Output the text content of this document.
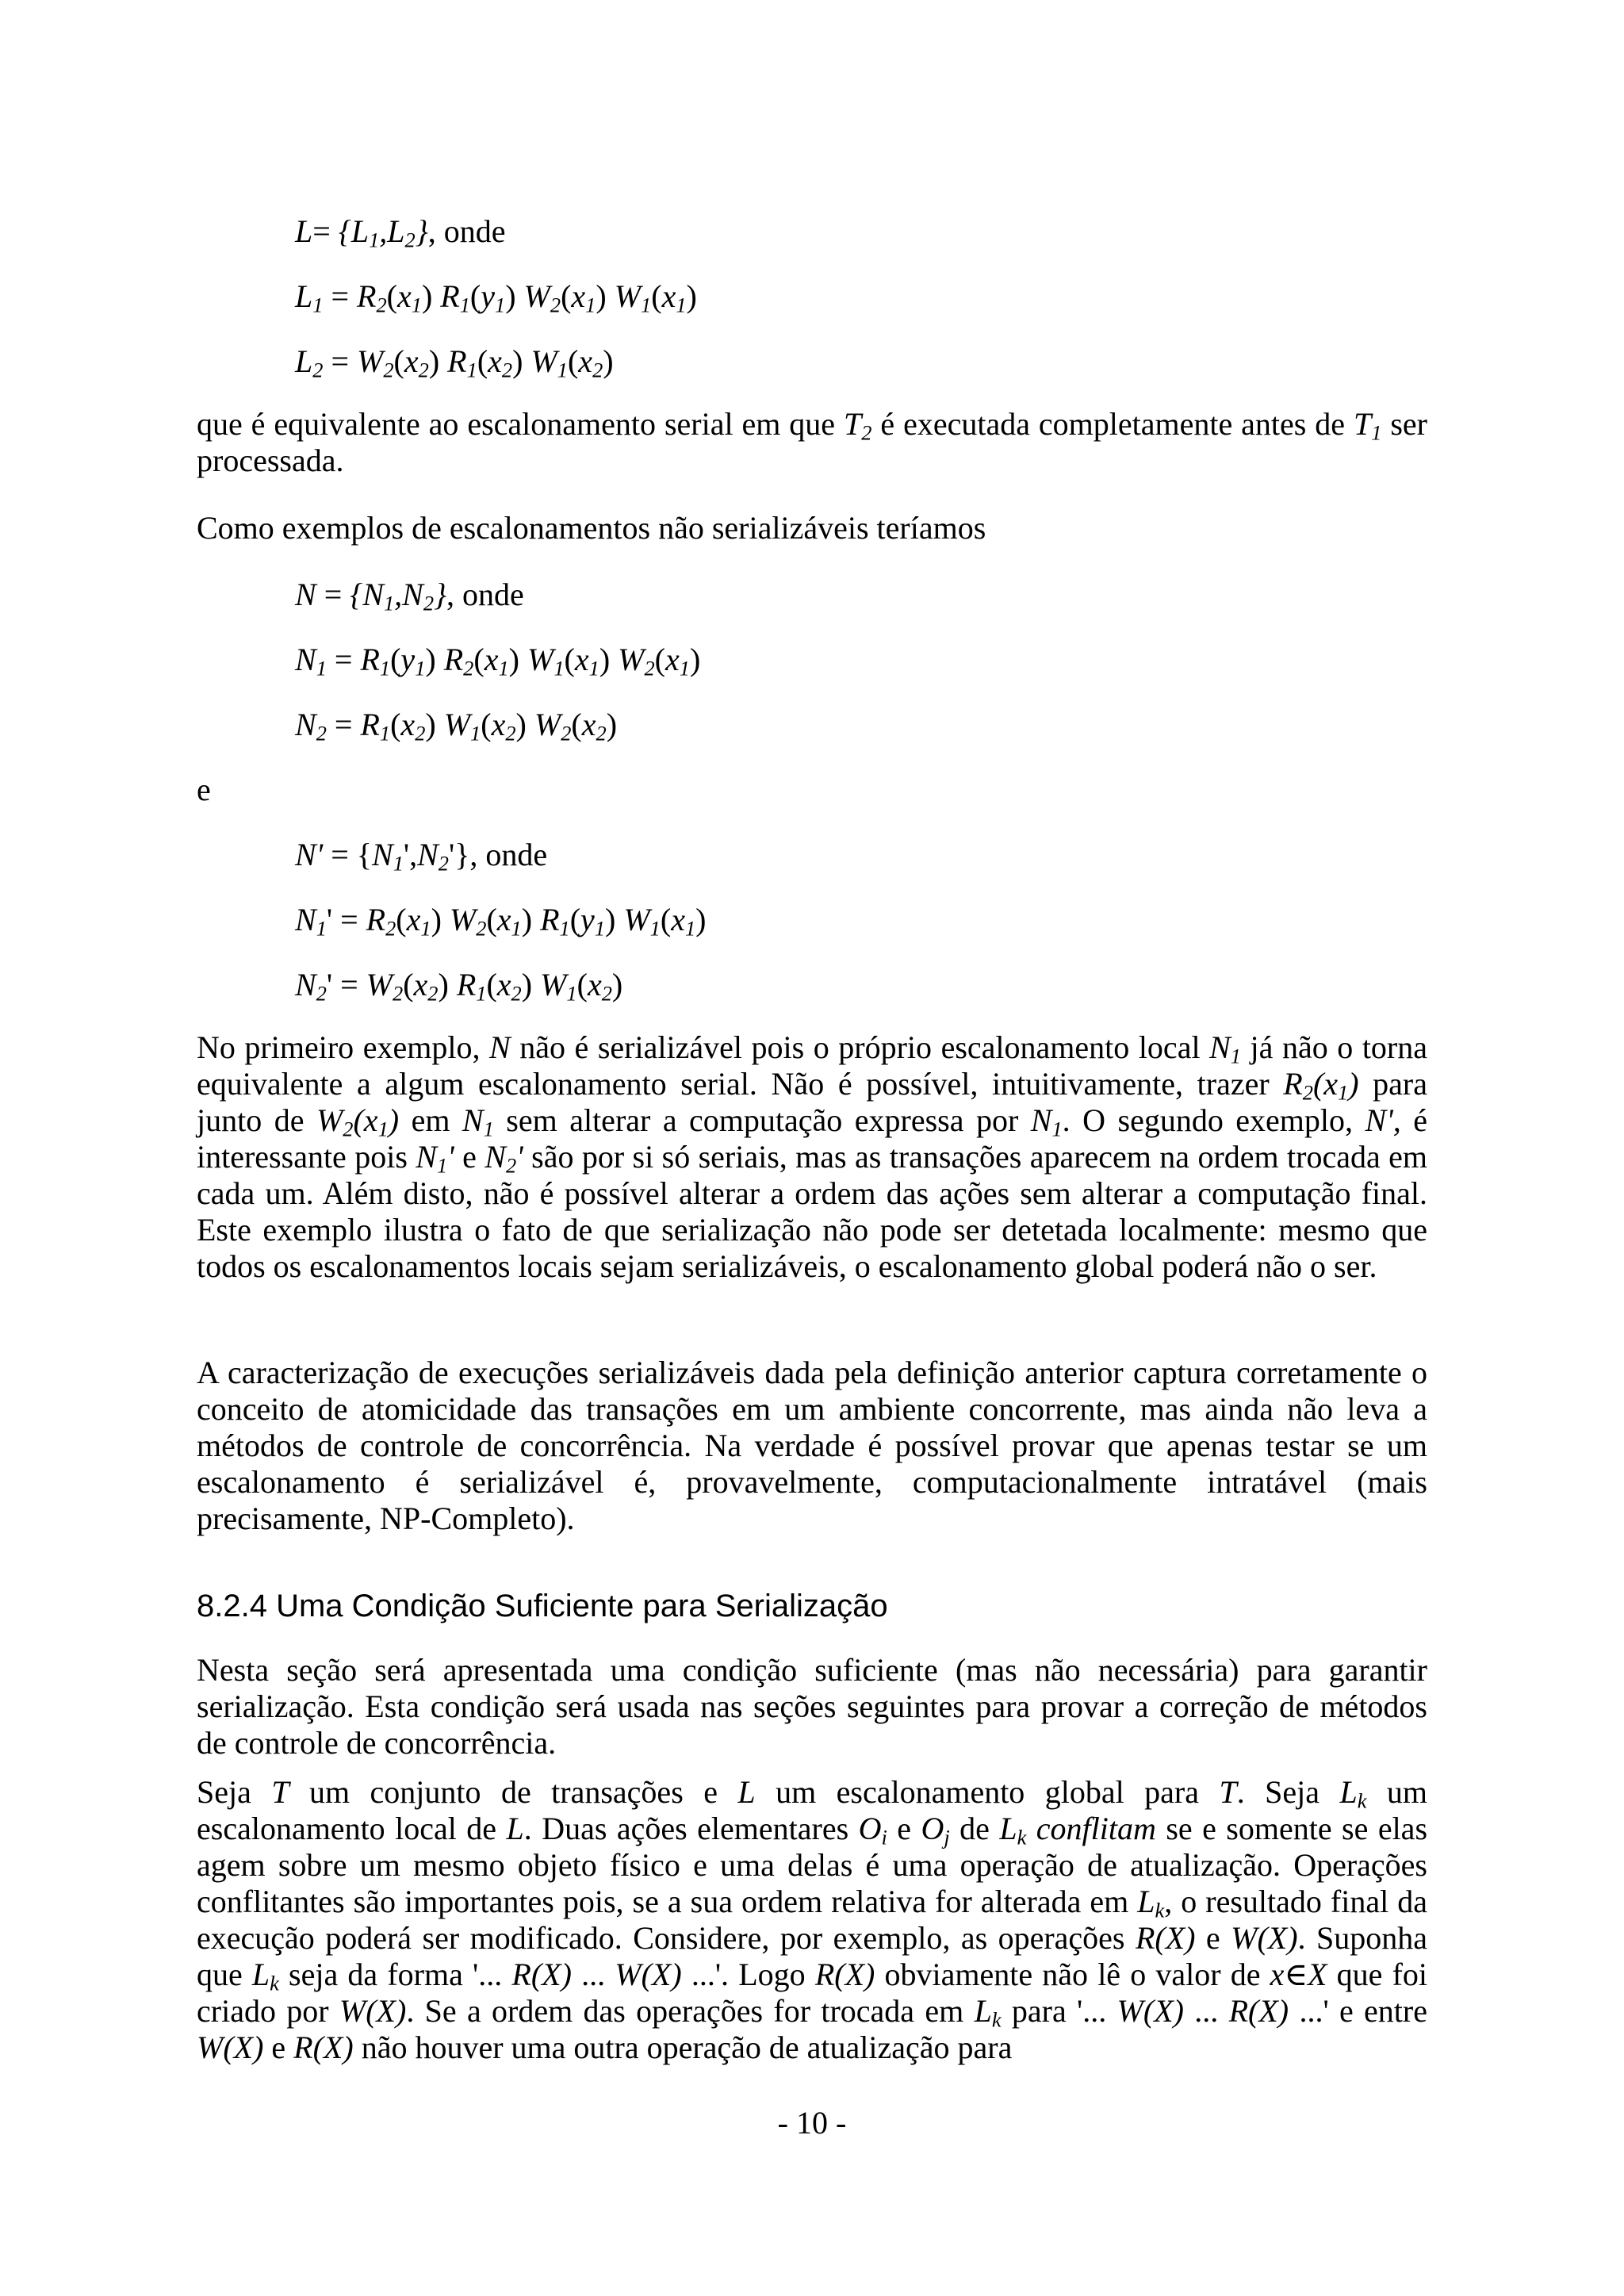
$L= \{L_1,L_2\}$, onde
$L_1 = R_2(x_1)$ $R_1(y_1)$ $W_2(x_1)$ $W_1(x_1)$
$L_2 = W_2(x_2)$ $R_1(x_2)$ $W_1(x_2)$
que é equivalente ao escalonamento serial em que $T_2$ é executada completamente antes de $T_1$ ser processada.
Como exemplos de escalonamentos não serializáveis teríamos
$N = \{N_1,N_2\}$, onde
$N_1 = R_1(y_1)$ $R_2(x_1)$ $W_1(x_1)$ $W_2(x_1)$
$N_2 = R_1(x_2)$ $W_1(x_2)$ $W_2(x_2)$
e
$N' = \{N_1',N_2'\}$, onde
$N_1' = R_2(x_1)$ $W_2(x_1)$ $R_1(y_1)$ $W_1(x_1)$
$N_2' = W_2(x_2)$ $R_1(x_2)$ $W_1(x_2)$
No primeiro exemplo, N não é serializável pois o próprio escalonamento local $N_1$ já não o torna equivalente a algum escalonamento serial. Não é possível, intuitivamente, trazer $R_2(x_1)$ para junto de $W_2(x_1)$ em $N_1$ sem alterar a computação expressa por $N_1$. O segundo exemplo, N', é interessante pois $N_1'$ e $N_2'$ são por si só seriais, mas as transações aparecem na ordem trocada em cada um. Além disto, não é possível alterar a ordem das ações sem alterar a computação final. Este exemplo ilustra o fato de que serialização não pode ser detetada localmente: mesmo que todos os escalonamentos locais sejam serializáveis, o escalonamento global poderá não o ser.
A caracterização de execuções serializáveis dada pela definição anterior captura corretamente o conceito de atomicidade das transações em um ambiente concorrente, mas ainda não leva a métodos de controle de concorrência. Na verdade é possível provar que apenas testar se um escalonamento é serializável é, provavelmente, computacionalmente intratável (mais precisamente, NP-Completo).
8.2.4 Uma Condição Suficiente para Serialização
Nesta seção será apresentada uma condição suficiente (mas não necessária) para garantir serialização. Esta condição será usada nas seções seguintes para provar a correção de métodos de controle de concorrência.
Seja T um conjunto de transações e L um escalonamento global para T. Seja $L_k$ um escalonamento local de L. Duas ações elementares $O_i$ e $O_j$ de $L_k$ conflitam se e somente se elas agem sobre um mesmo objeto físico e uma delas é uma operação de atualização. Operações conflitantes são importantes pois, se a sua ordem relativa for alterada em $L_k$, o resultado final da execução poderá ser modificado. Considere, por exemplo, as operações R(X) e W(X). Suponha que $L_k$ seja da forma '... R(X) ... W(X) ...'. Logo R(X) obviamente não lê o valor de x∈X que foi criado por W(X). Se a ordem das operações for trocada em $L_k$ para '... W(X) ... R(X) ...' e entre W(X) e R(X) não houver uma outra operação de atualização para
- 10 -
